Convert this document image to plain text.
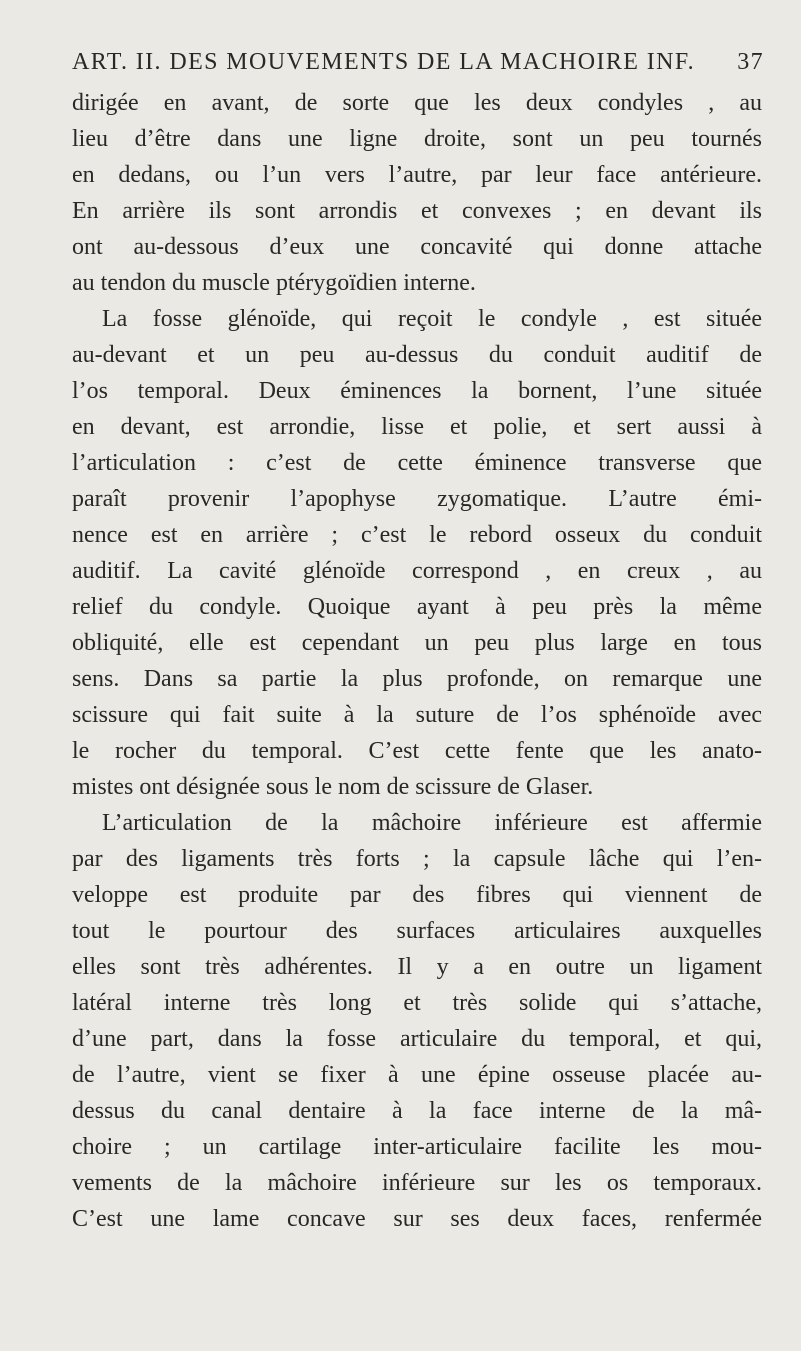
ART. II. DES MOUVEMENTS DE LA MACHOIRE INF. 37
dirigée en avant, de sorte que les deux condyles , au
lieu d’être dans une ligne droite, sont un peu tournés
en dedans, ou l’un vers l’autre, par leur face antérieure.
En arrière ils sont arrondis et convexes ; en devant ils
ont au-dessous d’eux une concavité qui donne attache
au tendon du muscle ptérygoïdien interne.
La fosse glénoïde, qui reçoit le condyle , est située
au-devant et un peu au-dessus du conduit auditif de
l’os temporal. Deux éminences la bornent, l’une située
en devant, est arrondie, lisse et polie, et sert aussi à
l’articulation : c’est de cette éminence transverse que
paraît provenir l’apophyse zygomatique. L’autre émi-
nence est en arrière ; c’est le rebord osseux du conduit
auditif. La cavité glénoïde correspond , en creux , au
relief du condyle. Quoique ayant à peu près la même
obliquité, elle est cependant un peu plus large en tous
sens. Dans sa partie la plus profonde, on remarque une
scissure qui fait suite à la suture de l’os sphénoïde avec
le rocher du temporal. C’est cette fente que les anato-
mistes ont désignée sous le nom de scissure de Glaser.
L’articulation de la mâchoire inférieure est affermie
par des ligaments très forts ; la capsule lâche qui l’en-
veloppe est produite par des fibres qui viennent de
tout le pourtour des surfaces articulaires auxquelles
elles sont très adhérentes. Il y a en outre un ligament
latéral interne très long et très solide qui s’attache,
d’une part, dans la fosse articulaire du temporal, et qui,
de l’autre, vient se fixer à une épine osseuse placée au-
dessus du canal dentaire à la face interne de la mâ-
choire ; un cartilage inter-articulaire facilite les mou-
vements de la mâchoire inférieure sur les os temporaux.
C’est une lame concave sur ses deux faces, renfermée
